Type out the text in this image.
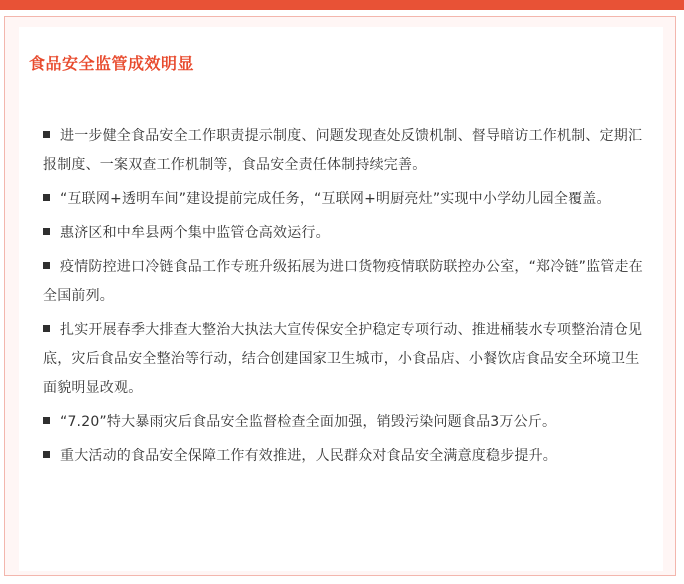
食品安全监管成效明显
进一步健全食品安全工作职责提示制度、问题发现查处反馈机制、督导暗访工作机制、定期汇报制度、一案双查工作机制等，食品安全责任体制持续完善。
“互联网+透明车间”建设提前完成任务，“互联网+明厨亮灶”实现中小学幼儿园全覆盖。
惠济区和中牟县两个集中监管仓高效运行。
疫情防控进口冷链食品工作专班升级拓展为进口货物疫情联防联控办公室，“郑冷链”监管走在全国前列。
扎实开展春季大排查大整治大执法大宣传保安全护稳定专项行动、推进桶装水专项整治清仓见底，灾后食品安全整治等行动，结合创建国家卫生城市，小食品店、小餐饮店食品安全环境卫生面貌明显改观。
“7.20”特大暴雨灾后食品安全监督检查全面加强，销毁污染问题食品3万公斤。
重大活动的食品安全保障工作有效推进，人民群众对食品安全满意度稳步提升。
